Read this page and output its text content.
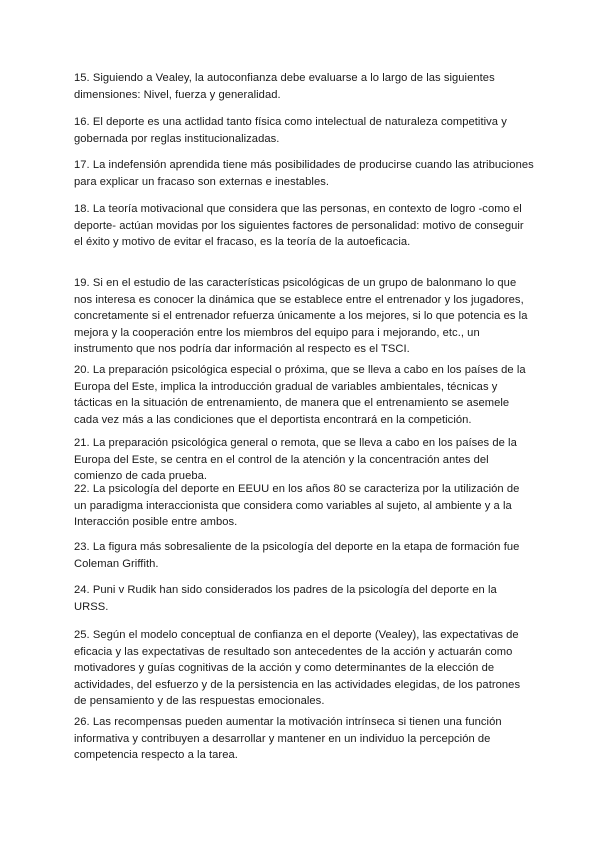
15. Siguiendo a Vealey, la autoconfianza debe evaluarse a lo largo de las siguientes dimensiones: Nivel, fuerza y generalidad.

16. El deporte es una actlidad tanto física como intelectual de naturaleza competitiva y gobernada por reglas institucionalizadas.

17. La indefensión aprendida tiene más posibilidades de producirse cuando las atribuciones para explicar un fracaso son externas e inestables.

18. La teoría motivacional que considera que las personas, en contexto de logro -como el deporte- actúan movidas por los siguientes factores de personalidad: motivo de conseguir el éxito y motivo de evitar el fracaso, es la teoría de la autoeficacia.

19. Si en el estudio de las características psicológicas de un grupo de balonmano lo que nos interesa es conocer la dinámica que se establece entre el entrenador y los jugadores, concretamente si el entrenador refuerza únicamente a los mejores, si lo que potencia es la mejora y la cooperación entre los miembros del equipo para i mejorando, etc., un instrumento que nos podría dar información al respecto es el TSCI.

20. La preparación psicológica especial o próxima, que se lleva a cabo en los países de la Europa del Este, implica la introducción gradual de variables ambientales, técnicas y tácticas en la situación de entrenamiento, de manera que el entrenamiento se asemele cada vez más a las condiciones que el deportista encontrará en la competición.

21. La preparación psicológica general o remota, que se lleva a cabo en los países de la Europa del Este, se centra en el control de la atención y la concentración antes del comienzo de cada prueba.

22. La psicología del deporte en EEUU en los años 80 se caracteriza por la utilización de un paradigma interaccionista que considera como variables al sujeto, al ambiente y a la Interacción posible entre ambos.

23. La figura más sobresaliente de la psicología del deporte en la etapa de formación fue Coleman Griffith.

24. Puni v Rudik han sido considerados los padres de la psicología del deporte en la URSS.

25. Según el modelo conceptual de confianza en el deporte (Vealey), las expectativas de eficacia y las expectativas de resultado son antecedentes de la acción y actuarán como motivadores y guías cognitivas de la acción y como determinantes de la elección de actividades, del esfuerzo y de la persistencia en las actividades elegidas, de los patrones de pensamiento y de las respuestas emocionales.

26. Las recompensas pueden aumentar la motivación intrínseca si tienen una función informativa y contribuyen a desarrollar y mantener en un individuo la percepción de competencia respecto a la tarea.
